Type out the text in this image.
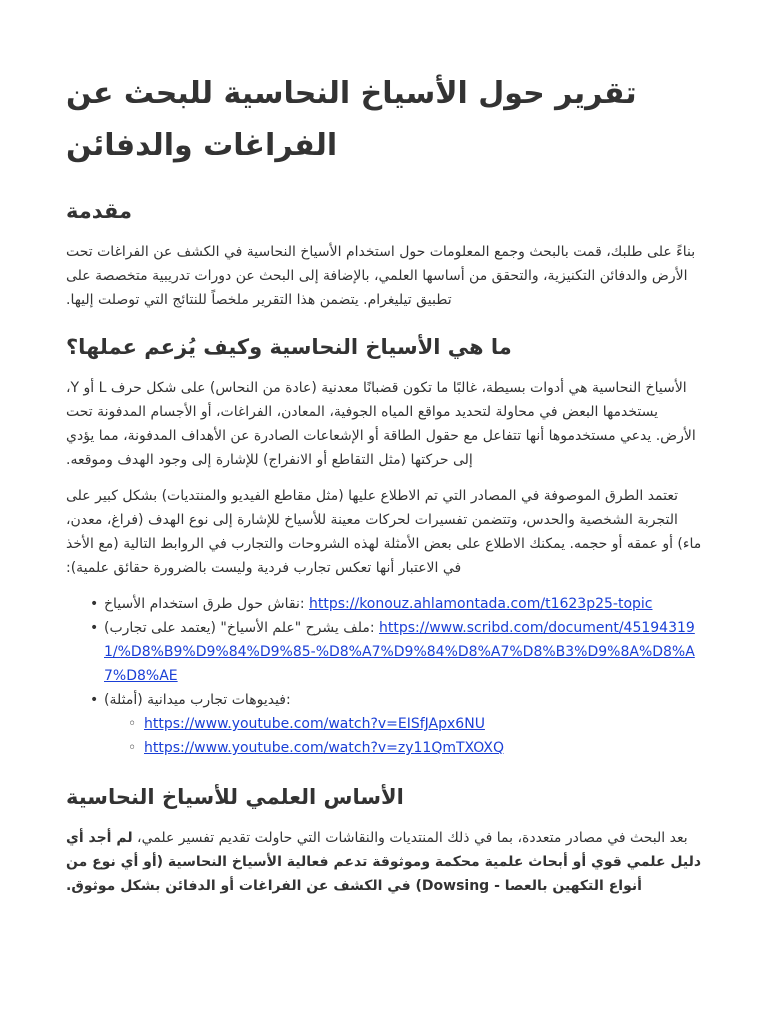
تقرير حول الأسياخ النحاسية للبحث عن الفراغات والدفائن
مقدمة

بناءً على طلبك، قمت بالبحث وجمع المعلومات حول استخدام الأسياخ النحاسية في الكشف عن الفراغات تحت الأرض والدفائن التكنيزية، والتحقق من أساسها العلمي، بالإضافة إلى البحث عن دورات تدريبية متخصصة على تطبيق تيليغرام. يتضمن هذا التقرير ملخصاً للنتائج التي توصلت إليها.

ما هي الأسياخ النحاسية وكيف يُزعم عملها؟

الأسياخ النحاسية هي أدوات بسيطة، غالبًا ما تكون قضبانًا معدنية (عادة من النحاس) على شكل حرف L أو Y، يستخدمها البعض في محاولة لتحديد مواقع المياه الجوفية، المعادن، الفراغات، أو الأجسام المدفونة تحت الأرض. يدعي مستخدموها أنها تتفاعل مع حقول الطاقة أو الإشعاعات الصادرة عن الأهداف المدفونة، مما يؤدي إلى حركتها (مثل التقاطع أو الانفراج) للإشارة إلى وجود الهدف وموقعه.

تعتمد الطرق الموصوفة في المصادر التي تم الاطلاع عليها (مثل مقاطع الفيديو والمنتديات) بشكل كبير على التجربة الشخصية والحدس، وتتضمن تفسيرات لحركات معينة للأسياخ للإشارة إلى نوع الهدف (فراغ، معدن، ماء) أو عمقه أو حجمه. يمكنك الاطلاع على بعض الأمثلة لهذه الشروحات والتجارب في الروابط التالية (مع الأخذ في الاعتبار أنها تعكس تجارب فردية وليست بالضرورة حقائق علمية):

• نقاش حول طرق استخدام الأسياخ: https://konouz.ahlamontada.com/t1623p25-topic
• ملف يشرح "علم الأسياخ" (يعتمد على تجارب): https://www.scribd.com/document/451943191/%D8%B9%D9%84%D9%85-%D8%A7%D9%84%D8%A7%D8%B3%D9%8A%D8%A7%D8%AE
• فيديوهات تجارب ميدانية (أمثلة):
◦ https://www.youtube.com/watch?v=EISfJApx6NU
◦ https://www.youtube.com/watch?v=zy11QmTXOXQ
الأساس العلمي للأسياخ النحاسية

بعد البحث في مصادر متعددة، بما في ذلك المنتديات والنقاشات التي حاولت تقديم تفسير علمي، لم أجد أي دليل علمي قوي أو أبحاث علمية محكمة وموثوقة تدعم فعالية الأسياخ النحاسية (أو أي نوع من أنواع التكهين بالعصا - Dowsing) في الكشف عن الفراغات أو الدفائن بشكل موثوق.
